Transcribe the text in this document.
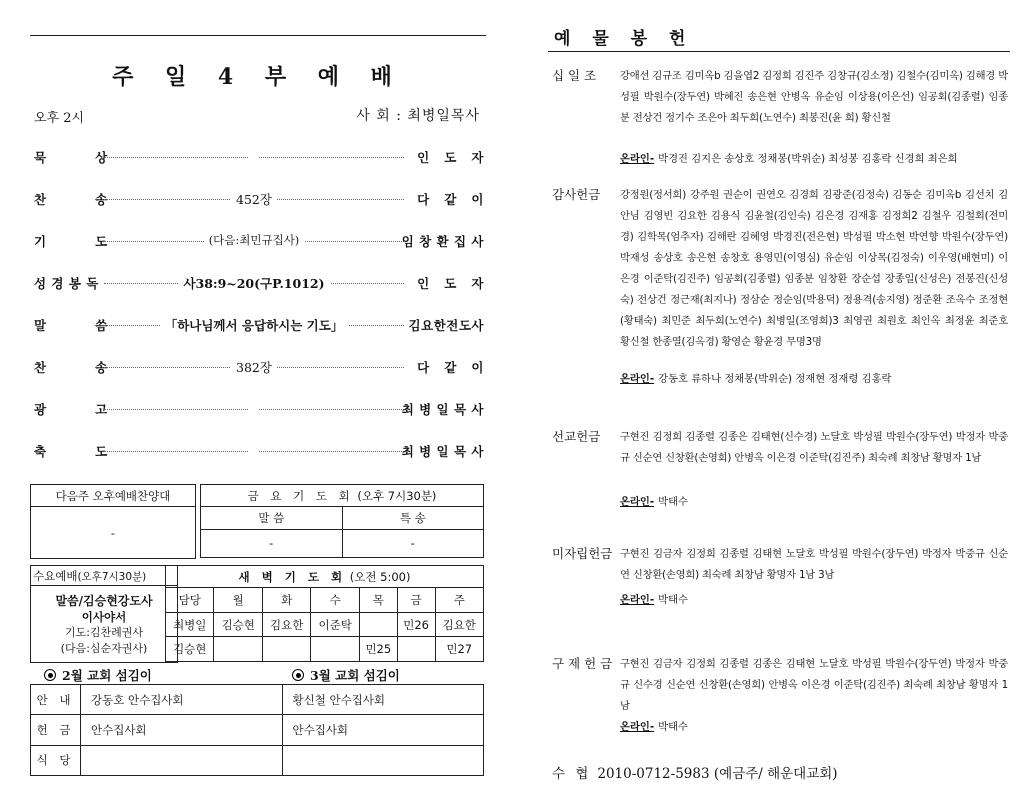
주 일 4 부 예 배
오후 2시	사 회 : 최병일목사
묵          상	인   도   자
찬          송	452장	다   같   이
기          도	(다음:최민규집사)	임 창 환 집 사
성 경 봉 독	사38:9~20(구P.1012)	인   도   자
말          씀	「하나님께서 응답하시는 기도」	김요한전도사
찬          송	382장	다   같   이
광          고	최 병 일 목 사
축          도	최 병 일 목 사
다음주 오후예배찬양대
-
금 요 기 도 회 (오후 7시30분)	
말 씀	특 송
-	-
수요예배(오후7시30분)

말씀/김승현강도사
이사야서
기도:김찬례권사
(다음:심순자권사)
새 벽 기 도 회 (오전 5:00)						
담당	월	화	수	목	금	주
최병일	김승현	김요한	이준탁		민26	김요한
김승현				민25		민27
2월 교회 섬김이	3월 교회 섬김이
안 내	강동호 안수집사회	황신철 안수집사회
헌 금	안수집사회	안수집사회
식 당		
예 물 봉 헌
십 일 조 강애선 김규조 김미옥b 김을엽2 김정희 김진주 김창규(김소정) 김철수(김미옥) 김해경 박성필 박원수(장두연) 박혜진 송은현 안병옥 유순임 이상용(이은선) 임공회(김종렬) 임종분 전상건 정기수 조은아 최두희(노연수) 최봉진(윤 희) 황신철
온라인- 박경진 김지은 송상호 정채봉(박위순) 최성봉 김홍락 신경희 최은희
감사헌금 강정원(정서희) 강주원 권순이 권연오 김경희 김광준(김정숙) 김동순 김미옥b 김선치 김안님 김영빈 김요한 김용식 김윤철(김인숙) 김은경 김재홍 김정희2 김철우 김철회(전미경) 김학목(엄추자) 김해란 김혜영 박경진(전은현) 박성필 박소현 박연향 박원수(장두연) 박재성 송상호 송은현 송창호 용영민(이영심) 유순임 이상목(김정숙) 이우영(배현미) 이은경 이준탁(김진주) 임공회(김종렬) 임종분 임창환 장순섭 장종일(신성은) 전봉진(신성숙) 전상건 정근재(최지나) 정삼순 정순임(박용덕) 정용격(송지영) 정준환 조옥수 조정현(황태숙) 최민준 최두희(노연수) 최병일(조영희)3 최영권 최원호 최인옥 최정윤 최준호 황신철 한종열(김옥경) 황영순 황윤경 무명3명
온라인- 강동호 류하나 정채봉(박위순) 정재현 정재령 김홍락
선교헌금 구현진 김정희 김종렬 김종은 김태현(신수경) 노달호 박성필 박원수(장두연) 박정자 박중규 신순연 신창환(손영희) 안병옥 이은경 이준탁(김진주) 최숙례 최창남 황명자 1남
온라인- 박태수
미자립헌금 구현진 김금자 김정희 김종렬 김태현 노달호 박성필 박원수(장두연) 박정자 박중규 신순연 신창환(손영희) 최숙례 최창남 황명자 1남 3남
온라인- 박태수
구 제 헌 금 구현진 김금자 김정희 김종렬 김종은 김태현 노달호 박성필 박원수(장두연) 박정자 박중규 신수경 신순연 신창환(손영희) 안병옥 이은경 이준탁(김진주) 최숙례 최창남 황명자 1남
온라인- 박태수
수 협 2010-0712-5983 (예금주/ 해운대교회)
